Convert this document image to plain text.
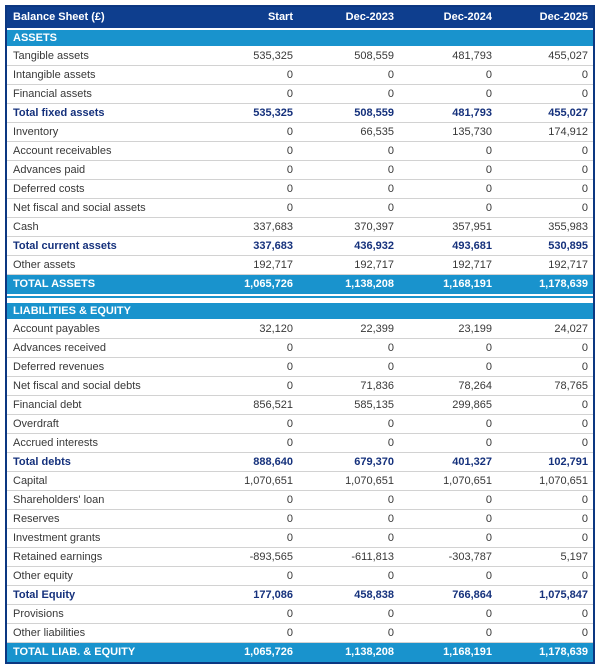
Balance Sheet (£)	Start	Dec-2023	Dec-2024	Dec-2025
ASSETS
Tangible assets	535,325	508,559	481,793	455,027
Intangible assets	0	0	0	0
Financial assets	0	0	0	0
Total fixed assets	535,325	508,559	481,793	455,027
Inventory	0	66,535	135,730	174,912
Account receivables	0	0	0	0
Advances paid	0	0	0	0
Deferred costs	0	0	0	0
Net fiscal and social assets	0	0	0	0
Cash	337,683	370,397	357,951	355,983
Total current assets	337,683	436,932	493,681	530,895
Other assets	192,717	192,717	192,717	192,717
TOTAL ASSETS	1,065,726	1,138,208	1,168,191	1,178,639
LIABILITIES & EQUITY
Account payables	32,120	22,399	23,199	24,027
Advances received	0	0	0	0
Deferred revenues	0	0	0	0
Net fiscal and social debts	0	71,836	78,264	78,765
Financial debt	856,521	585,135	299,865	0
Overdraft	0	0	0	0
Accrued interests	0	0	0	0
Total debts	888,640	679,370	401,327	102,791
Capital	1,070,651	1,070,651	1,070,651	1,070,651
Shareholders' loan	0	0	0	0
Reserves	0	0	0	0
Investment grants	0	0	0	0
Retained earnings	-893,565	-611,813	-303,787	5,197
Other equity	0	0	0	0
Total Equity	177,086	458,838	766,864	1,075,847
Provisions	0	0	0	0
Other liabilities	0	0	0	0
TOTAL LIAB. & EQUITY	1,065,726	1,138,208	1,168,191	1,178,639
